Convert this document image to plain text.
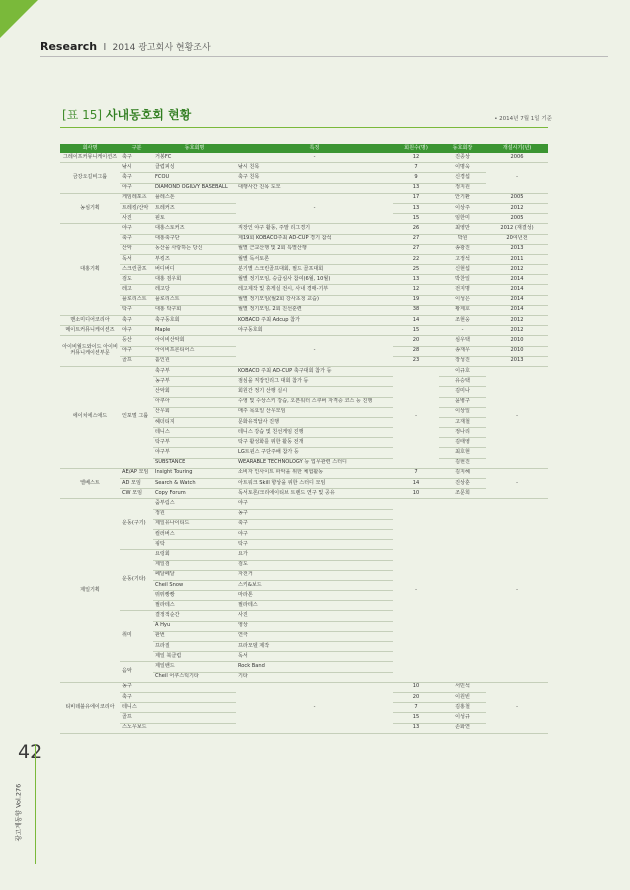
Research I 2014 광고회사 현황조사
[표 15] 사내동호회 현황	• 2014년 7월 1일 기준
회사명	구분	동호회명	특징	회원수(명)	동호회장	개설시기(년)
그레이프커뮤니케이션즈	축구	거봉FC	-	12	진종상	2006
금강오길비그룹	낚시	클럽피싱	낚시 친목	7	이명욱	-
	축구	FCOU	축구 친목	9	신경섭	
	야구	DIAMOND OGILVY BASEBALL	대행사간 친목 도모	13	정지원	
농심기획	게임레포츠	플레스톤	-	17	안기환	2005
	트레킹/산악	트레커즈		13	이상주	2012
	사진	핀토		15	임한미	2005
대홍기획	야구	대홍스토커즈	직장인 야구 활동, 주말 리그경기	26	최영만	2012 (재결성)
	축구	대홍축구단	제19회 KOBACO주최 AD-CUP 경기 참석	27	박원	20여년전
	산악	동산을 사랑하는 당신	월별 근교산행 및 2회 특별산행	27	송광진	2013
	독서	부킹즈	월별 독서토론	22	고정석	2011
	스크린골프	버디버디	분기별 스크린골프대회, 필드 골프대회	25	신현섭	2012
	검도	대홍 검우회	월별 정기모임, 승급심사 참여(6월, 10월)	13	박찬일	2014
	레고	레고당	레고제작 및 휴게실 전시, 사내 경매-기부	12	전지명	2014
	플로리스트	플로리스트	월별 정기모임(월2회 강사초청 교습)	19	이성은	2014
	탁구	대홍 탁구회	월별 정기모임, 2회 친선훈련	38	황제호	2014
맨소미디어코리아	축구	축구동호회	KOBACO 주최 Adcup 참가	14	조현웅	2012
메이트커뮤니케이션즈	야구	Maple	야구동호회	15	-	2012
아이비월드와이드 아이비커뮤니케이션부문	등산	아이비산악회	-	20	심우택	2010
	야구	아이비프론티어스		28	송재우	2010
	골프	홀인원		23	장성진	2013
에이치에스애드	인포멀 그룹	축구부	KOBACO 주최 AD-CUP 축구대회 참가 등	-	이규호	-
		농구부	점심을 직장인리그 대회 참가 등		유승택	
		산악회	회원간 정기 산행 실시		김미나	
		아쿠아	수영 및 수상스키 강습, 오픈워터 스쿠버 자격증 코스 등 진행		윤병구	
		산우회	매주 목요일 산우모임		이상일	
		헤더티지	문화유적답사 진행		고재철	
		테니스	테니스 강습 및 친선게임 진행		정나리	
		탁구부	탁구 활성화를 위한 활동 전개		김태영	
		야구부	LG트윈스 구단주배 참가 등		최호현	
		SUBSTANCE	WEARABLE TECHNOLOGY 등 업무관련 스터디		김현진	
엘베스트	AE/AP 모임	Insight Touring	소비자 인사이트 파악을 위한 체험활동	7	김지혜	-
	AD 모임	Search & Watch	아트워크 Skill 향상을 위한 스터디 모임	14	진상훈	
	CW 모임	Copy Forum	독서토론/크리에이티브 트렌드 연구 및 공유	10	조문희	
제일기획	운동(구기)	줌부림스	야구	-		-
		정원	농구			
		제일유나이티드	축구			
		컬러버스	야구			
		핑탁	탁구			
	운동(기타)	요렁회	요가			
		제일검	검도			
		페달페달	자전거			
		Cheil Snow	스키&보드			
		뛰뛰빵빵	마라톤			
		필라테스	필라테스			
	취미	결정적순간	사진			
		A Hyu	영상			
		판번	연극			
		프라질	프라모델 제작			
		제일 북클럽	독서			
	음악	제일밴드	Rock Band			
		Cheil 어쿠스틱기타	기타			
티비데블유에이코리아	농구		-	10	서민석	-
	축구			20	이원빈	
	테니스			7	김홍철	
	골프			15	이성규	
	스노우보드			13	손화연	
42
광고계동향 Vol.276
